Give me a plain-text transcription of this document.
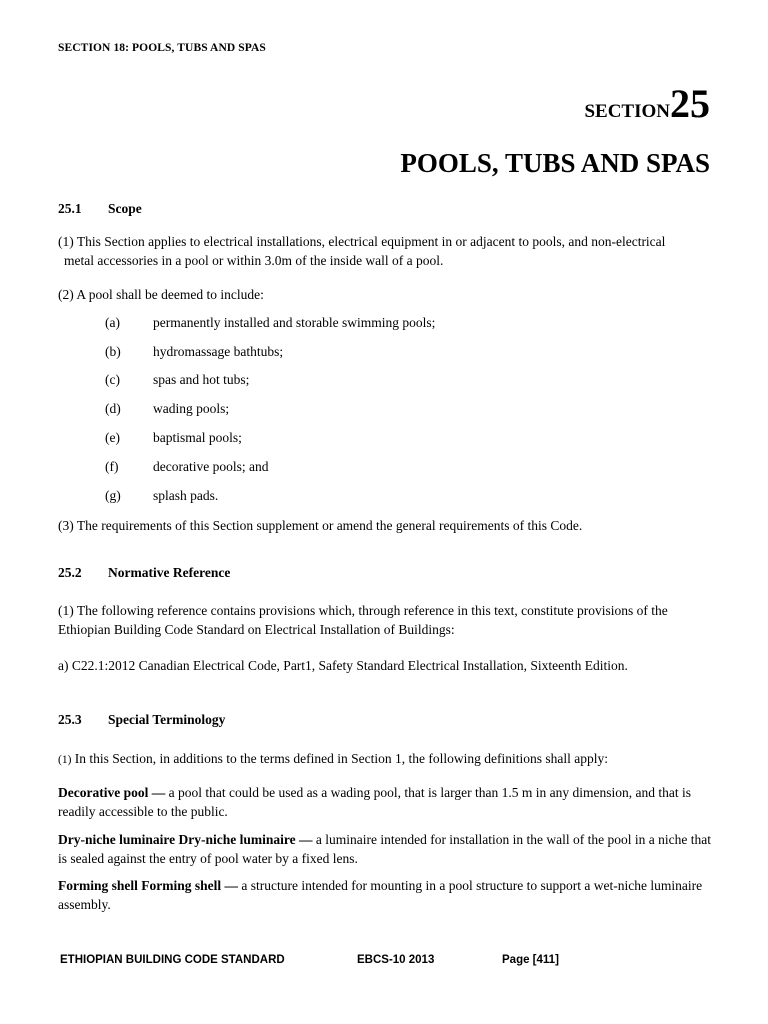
SECTION 18: POOLS, TUBS AND SPAS
SECTION25
POOLS, TUBS AND SPAS
25.1 Scope
(1) This Section applies to electrical installations, electrical equipment in or adjacent to pools, and non-electrical
metal accessories in a pool or within 3.0m of the inside wall of a pool.
(2) A pool shall be deemed to include:
(a) permanently installed and storable swimming pools;
(b) hydromassage bathtubs;
(c) spas and hot tubs;
(d) wading pools;
(e) baptismal pools;
(f)	decorative pools; and
(g) splash pads.
(3) The requirements of this Section supplement or amend the general requirements of this Code.
25.2 Normative Reference
(1) The following reference contains provisions which, through reference in this text, constitute provisions of the Ethiopian Building Code Standard on Electrical Installation of Buildings:
a) C22.1:2012 Canadian Electrical Code, Part1, Safety Standard Electrical Installation, Sixteenth Edition.
25.3 Special Terminology
(1) In this Section, in additions to the terms defined in Section 1, the following definitions shall apply:
Decorative pool — a pool that could be used as a wading pool, that is larger than 1.5 m in any dimension, and that is readily accessible to the public.
Dry-niche luminaire Dry-niche luminaire — a luminaire intended for installation in the wall of the pool in a niche that is sealed against the entry of pool water by a fixed lens.
Forming shell Forming shell — a structure intended for mounting in a pool structure to support a wet-niche luminaire assembly.
ETHIOPIAN BUILDING CODE STANDARD	EBCS-10 2013	Page [411]
